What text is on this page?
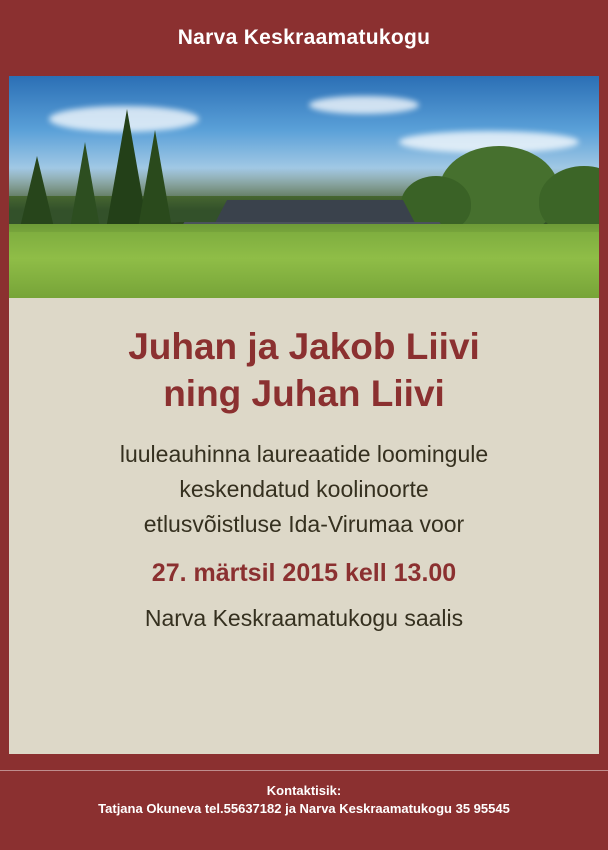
Narva Keskraamatukogu
Juhan ja Jakob Liivi
ning Juhan Liivi
luuleauhinna laureaatide loomingule
keskendatud koolinoorte
etlusvõistluse Ida-Virumaa voor
27. märtsil 2015 kell 13.00
Narva Keskraamatukogu saalis
Kontaktisik:
Tatjana Okuneva tel.55637182 ja Narva Keskraamatukogu 35 95545
